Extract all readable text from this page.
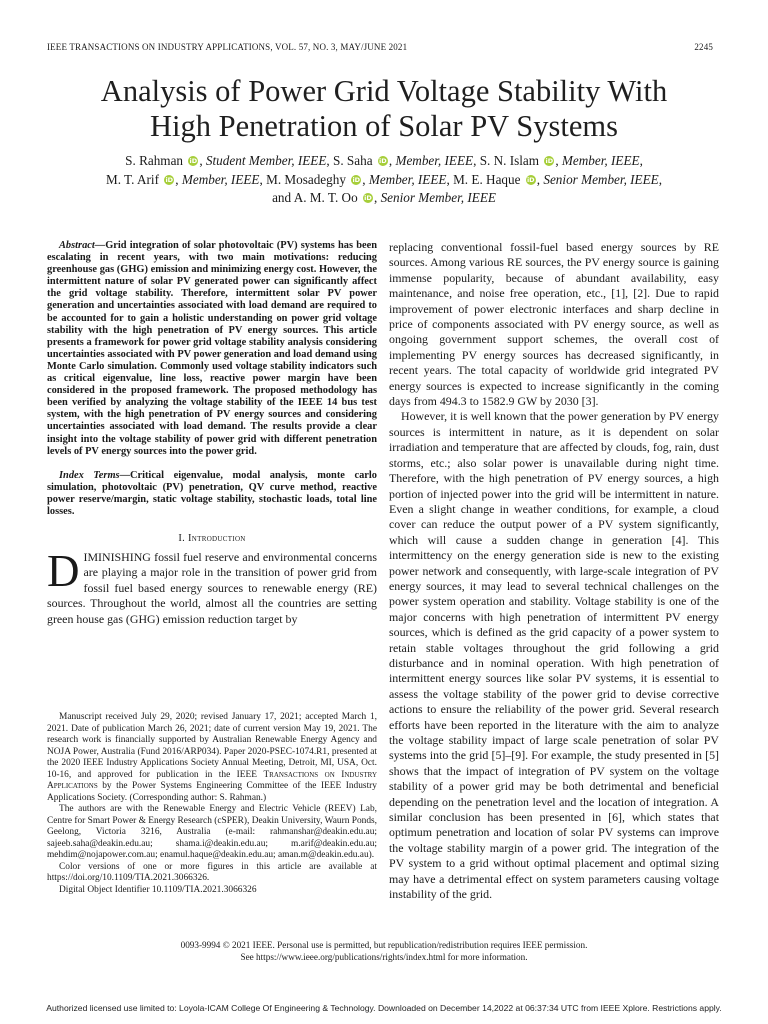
IEEE TRANSACTIONS ON INDUSTRY APPLICATIONS, VOL. 57, NO. 3, MAY/JUNE 2021	2245
Analysis of Power Grid Voltage Stability With
High Penetration of Solar PV Systems
S. Rahman iD , Student Member, IEEE, S. Saha iD , Member, IEEE, S. N. Islam iD , Member, IEEE,
M. T. Arif iD , Member, IEEE, M. Mosadeghy iD , Member, IEEE, M. E. Haque iD , Senior Member, IEEE,
and A. M. T. Oo iD , Senior Member, IEEE

Abstract—Grid integration of solar photovoltaic (PV) systems has been escalating in recent years, with two main motivations: reducing greenhouse gas (GHG) emission and minimizing energy cost. However, the intermittent nature of solar PV generated power can significantly affect the grid voltage stability. Therefore, intermittent solar PV power generation and uncertainties associated with load demand are required to be accounted for to gain a holistic understanding on power grid voltage stability with the high penetration of PV energy sources. This article presents a framework for power grid voltage stability analysis considering uncertainties associated with PV power generation and load demand using Monte Carlo simulation. Commonly used voltage stability indicators such as critical eigenvalue, line loss, reactive power margin have been considered in the proposed framework. The proposed methodology has been verified by analyzing the voltage stability of the IEEE 14 bus test system, with the high penetration of PV energy sources and considering uncertainties associated with load demand. The results provide a clear insight into the voltage stability of power grid with different penetration levels of PV energy sources into the power grid.

Index Terms—Critical eigenvalue, modal analysis, monte carlo simulation, photovoltaic (PV) penetration, QV curve method, reactive power reserve/margin, static voltage stability, stochastic loads, total line losses.

I. Introduction

DIMINISHING fossil fuel reserve and environmental concerns are playing a major role in the transition of power grid from fossil fuel based energy sources to renewable energy (RE) sources. Throughout the world, almost all the countries are setting green house gas (GHG) emission reduction target by

Manuscript received July 29, 2020; revised January 17, 2021; accepted March 1, 2021. Date of publication March 26, 2021; date of current version May 19, 2021. The research work is financially supported by Australian Renewable Energy Agency and NOJA Power, Australia (Fund 2016/ARP034). Paper 2020-PSEC-1074.R1, presented at the 2020 IEEE Industry Applications Society Annual Meeting, Detroit, MI, USA, Oct. 10-16, and approved for publication in the IEEE Transactions on Industry Applications by the Power Systems Engineering Committee of the IEEE Industry Applications Society. (Corresponding author: S. Rahman.)

The authors are with the Renewable Energy and Electric Vehicle (REEV) Lab, Centre for Smart Power & Energy Research (cSPER), Deakin University, Waurn Ponds, Geelong, Victoria 3216, Australia (e-mail: rahmanshar@deakin.edu.au; sajeeb.saha@deakin.edu.au; shama.i@deakin.edu.au; m.arif@deakin.edu.au; mehdim@nojapower.com.au; enamul.haque@deakin.edu.au; aman.m@deakin.edu.au).

Color versions of one or more figures in this article are available at https://doi.org/10.1109/TIA.2021.3066326.

Digital Object Identifier 10.1109/TIA.2021.3066326

replacing conventional fossil-fuel based energy sources by RE sources. Among various RE sources, the PV energy source is gaining immense popularity, because of abundant availability, easy maintenance, and noise free operation, etc., [1], [2]. Due to rapid improvement of power electronic interfaces and sharp decline in price of components associated with PV energy source, as well as ongoing government support schemes, the overall cost of implementing PV energy sources has decreased significantly, in recent years. The total capacity of worldwide grid integrated PV energy sources is expected to increase significantly in the coming days from 494.3 to 1582.9 GW by 2030 [3].

However, it is well known that the power generation by PV energy sources is intermittent in nature, as it is dependent on solar irradiation and temperature that are affected by clouds, fog, rain, dust storms, etc.; also solar power is unavailable during night time. Therefore, with the high penetration of PV energy sources, a high portion of injected power into the grid will be intermittent in nature. Even a slight change in weather conditions, for example, a cloud cover can reduce the output power of a PV system significantly, which will cause a sudden change in generation [4]. This intermittency on the energy generation side is new to the existing power network and consequently, with large-scale integration of PV energy sources, it may lead to several technical challenges on the power system operation and stability. Voltage stability is one of the major concerns with high penetration of intermittent PV energy sources, which is defined as the grid capacity of a power system to retain stable voltages throughout the grid following a grid disturbance and in nominal operation. With high penetration of intermittent energy sources like solar PV systems, it is essential to assess the voltage stability of the power grid to devise corrective actions to ensure the reliability of the power grid. Several research efforts have been reported in the literature with the aim to analyze the voltage stability impact of large scale penetration of solar PV systems into the grid [5]–[9]. For example, the study presented in [5] shows that the impact of integration of PV system on the voltage stability of a power grid may be both detrimental and beneficial depending on the penetration level and the location of integration. A similar conclusion has been presented in [6], which states that optimum penetration and location of solar PV systems can improve the voltage stability margin of a power grid. The integration of the PV system to a grid without optimal placement and optimal sizing may have a detrimental effect on system parameters causing voltage instability of the grid.

0093-9994 © 2021 IEEE. Personal use is permitted, but republication/redistribution requires IEEE permission.
See https://www.ieee.org/publications/rights/index.html for more information.
Authorized licensed use limited to: Loyola-ICAM College Of Engineering & Technology. Downloaded on December 14,2022 at 06:37:34 UTC from IEEE Xplore. Restrictions apply.
